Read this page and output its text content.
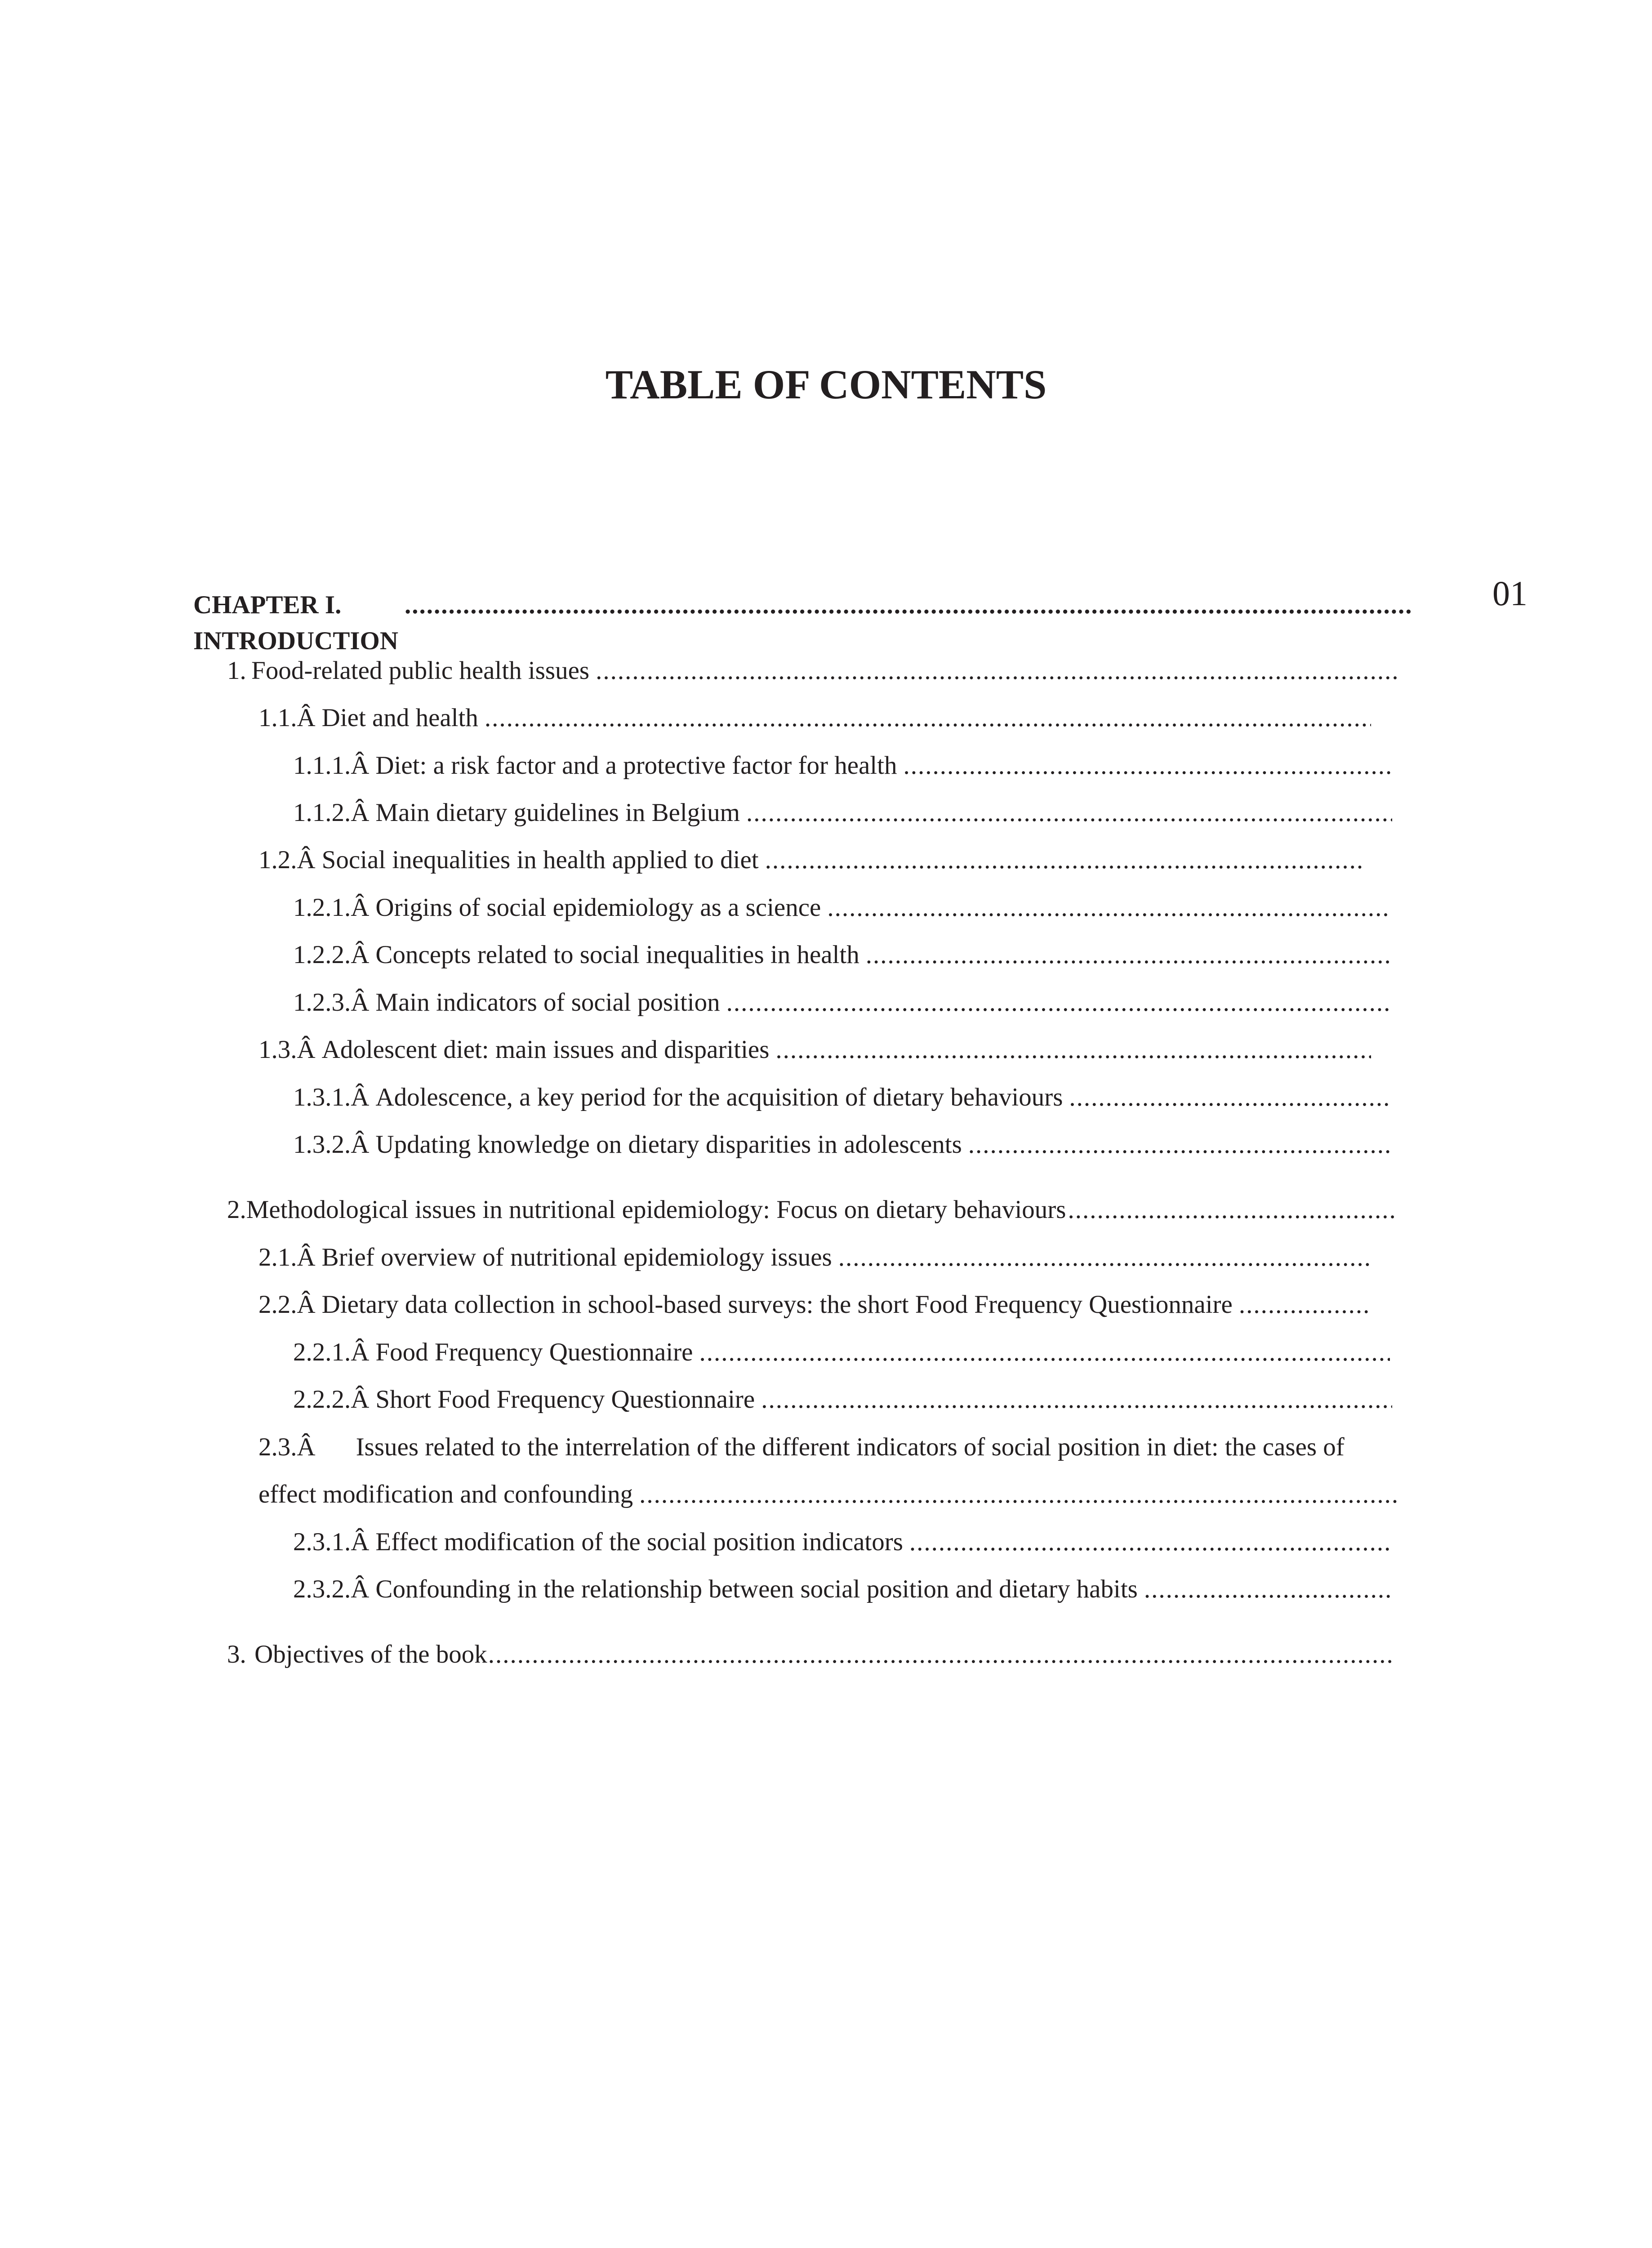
TABLE OF CONTENTS
CHAPTER I. INTRODUCTION
.....
01
1. Food-related public health issues
.....
1.1.Â Diet and health
.....
1.1.1.Â Diet: a risk factor and a protective factor for health
.....
1.1.2.Â Main dietary guidelines in Belgium
.....
1.2.Â Social inequalities in health applied to diet
.....
1.2.1.Â Origins of social epidemiology as a science
.....
1.2.2.Â Concepts related to social inequalities in health
.....
1.2.3.Â Main indicators of social position
.....
1.3.Â Adolescent diet: main issues and disparities
.....
1.3.1.Â Adolescence, a key period for the acquisition of dietary behaviours
.....
1.3.2.Â Updating knowledge on dietary disparities in adolescents
.....
2. Methodological issues in nutritional epidemiology: Focus on dietary behaviours
.....
2.1.Â Brief overview of nutritional epidemiology issues
.....
2.2.Â Dietary data collection in school-based surveys: the short Food Frequency Questionnaire
.....
2.2.1.Â Food Frequency Questionnaire
.....
2.2.2.Â Short Food Frequency Questionnaire
.....
2.3.Â Issues related to the interrelation of the different indicators of social position in diet: the cases of
effect modification and confounding
.....
2.3.1.Â Effect modification of the social position indicators
.....
2.3.2.Â Confounding in the relationship between social position and dietary habits
.....
3. Objectives of the book
.....
